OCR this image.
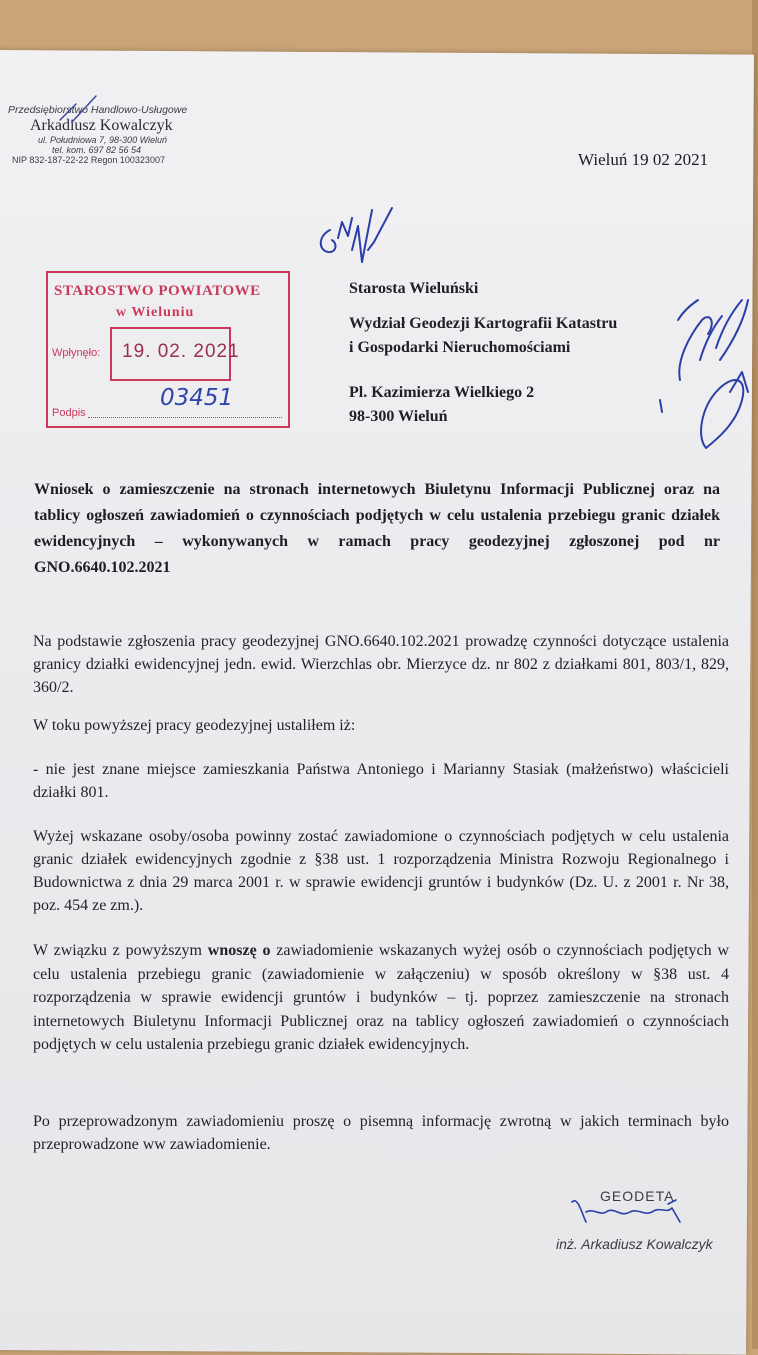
Przedsiębiorstwo Handlowo-Usługowe
Arkadiusz Kowalczyk
ul. Południowa 7, 98-300 Wieluń
tel. kom. 697 82 56 54
NIP 832-187-22-22 Regon 100323007	Wieluń 19 02 2021
STAROSTWO POWIATOWE
w Wieluniu
Wpłynęło: 19. 02. 2021
Podpis
03451
Starosta Wieluński
Wydział Geodezji Kartografii Katastru
i Gospodarki Nieruchomościami
Pl. Kazimierza Wielkiego 2
98-300 Wieluń
Wniosek o zamieszczenie na stronach internetowych Biuletynu Informacji Publicznej oraz na tablicy ogłoszeń zawiadomień o czynnościach podjętych w celu ustalenia przebiegu granic działek ewidencyjnych – wykonywanych w ramach pracy geodezyjnej zgłoszonej pod nr GNO.6640.102.2021
Na podstawie zgłoszenia pracy geodezyjnej GNO.6640.102.2021 prowadzę czynności dotyczące ustalenia granicy działki ewidencyjnej jedn. ewid. Wierzchlas obr. Mierzyce dz. nr 802 z działkami 801, 803/1, 829, 360/2.
W toku powyższej pracy geodezyjnej ustaliłem iż:
- nie jest znane miejsce zamieszkania Państwa Antoniego i Marianny Stasiak (małżeństwo) właścicieli działki 801.
Wyżej wskazane osoby/osoba powinny zostać zawiadomione o czynnościach podjętych w celu ustalenia granic działek ewidencyjnych zgodnie z §38 ust. 1 rozporządzenia Ministra Rozwoju Regionalnego i Budownictwa z dnia 29 marca 2001 r. w sprawie ewidencji gruntów i budynków (Dz. U. z 2001 r. Nr 38, poz. 454 ze zm.).
W związku z powyższym wnoszę o zawiadomienie wskazanych wyżej osób o czynnościach podjętych w celu ustalenia przebiegu granic (zawiadomienie w załączeniu) w sposób określony w §38 ust. 4 rozporządzenia w sprawie ewidencji gruntów i budynków – tj. poprzez zamieszczenie na stronach internetowych Biuletynu Informacji Publicznej oraz na tablicy ogłoszeń zawiadomień o czynnościach podjętych w celu ustalenia przebiegu granic działek ewidencyjnych.
Po przeprowadzonym zawiadomieniu proszę o pisemną informację zwrotną w jakich terminach było przeprowadzone ww zawiadomienie.
GEODETA
inż. Arkadiusz Kowalczyk
